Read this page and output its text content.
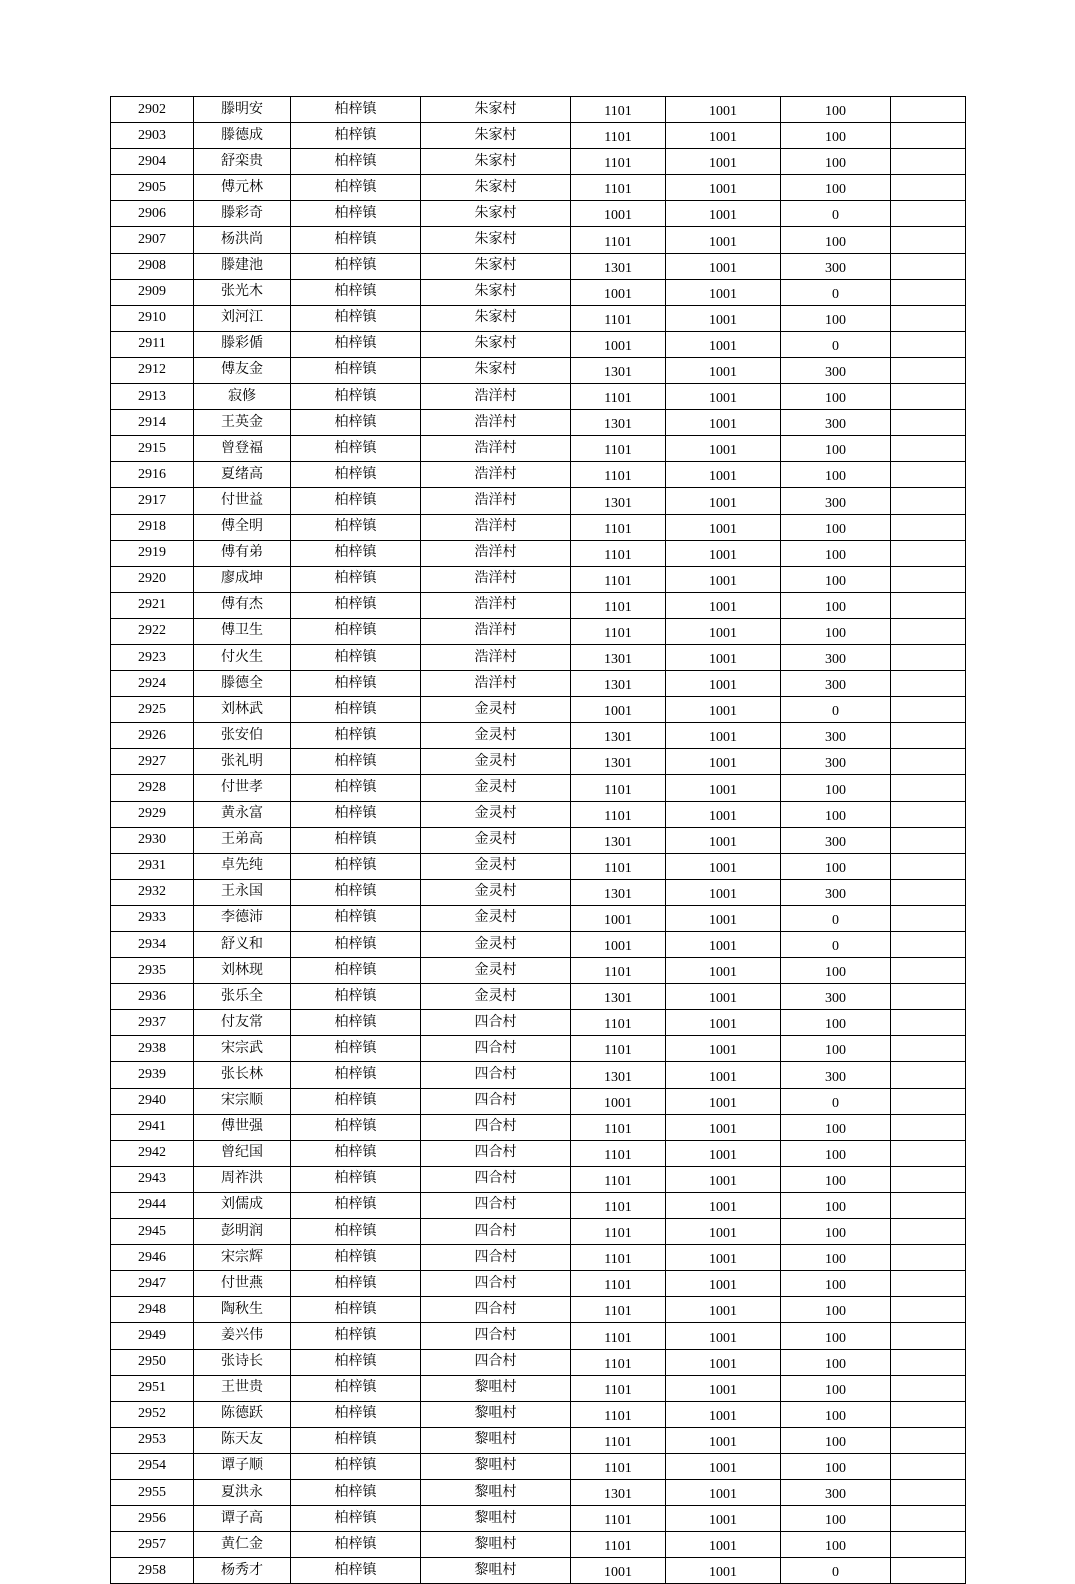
2902	滕明安	柏梓镇	朱家村	1101	1001	100	
2903	滕德成	柏梓镇	朱家村	1101	1001	100	
2904	舒栾贵	柏梓镇	朱家村	1101	1001	100	
2905	傅元林	柏梓镇	朱家村	1101	1001	100	
2906	滕彩奇	柏梓镇	朱家村	1001	1001	0	
2907	杨洪尚	柏梓镇	朱家村	1101	1001	100	
2908	滕建池	柏梓镇	朱家村	1301	1001	300	
2909	张光木	柏梓镇	朱家村	1001	1001	0	
2910	刘河江	柏梓镇	朱家村	1101	1001	100	
2911	滕彩偱	柏梓镇	朱家村	1001	1001	0	
2912	傅友金	柏梓镇	朱家村	1301	1001	300	
2913	寂修	柏梓镇	浩洋村	1101	1001	100	
2914	王英金	柏梓镇	浩洋村	1301	1001	300	
2915	曾登福	柏梓镇	浩洋村	1101	1001	100	
2916	夏绪高	柏梓镇	浩洋村	1101	1001	100	
2917	付世益	柏梓镇	浩洋村	1301	1001	300	
2918	傅全明	柏梓镇	浩洋村	1101	1001	100	
2919	傅有弟	柏梓镇	浩洋村	1101	1001	100	
2920	廖成坤	柏梓镇	浩洋村	1101	1001	100	
2921	傅有杰	柏梓镇	浩洋村	1101	1001	100	
2922	傅卫生	柏梓镇	浩洋村	1101	1001	100	
2923	付火生	柏梓镇	浩洋村	1301	1001	300	
2924	滕德全	柏梓镇	浩洋村	1301	1001	300	
2925	刘林武	柏梓镇	金灵村	1001	1001	0	
2926	张安伯	柏梓镇	金灵村	1301	1001	300	
2927	张礼明	柏梓镇	金灵村	1301	1001	300	
2928	付世孝	柏梓镇	金灵村	1101	1001	100	
2929	黄永富	柏梓镇	金灵村	1101	1001	100	
2930	王弟高	柏梓镇	金灵村	1301	1001	300	
2931	卓先纯	柏梓镇	金灵村	1101	1001	100	
2932	王永国	柏梓镇	金灵村	1301	1001	300	
2933	李德沛	柏梓镇	金灵村	1001	1001	0	
2934	舒义和	柏梓镇	金灵村	1001	1001	0	
2935	刘林现	柏梓镇	金灵村	1101	1001	100	
2936	张乐全	柏梓镇	金灵村	1301	1001	300	
2937	付友常	柏梓镇	四合村	1101	1001	100	
2938	宋宗武	柏梓镇	四合村	1101	1001	100	
2939	张长林	柏梓镇	四合村	1301	1001	300	
2940	宋宗顺	柏梓镇	四合村	1001	1001	0	
2941	傅世强	柏梓镇	四合村	1101	1001	100	
2942	曾纪国	柏梓镇	四合村	1101	1001	100	
2943	周祚洪	柏梓镇	四合村	1101	1001	100	
2944	刘儒成	柏梓镇	四合村	1101	1001	100	
2945	彭明润	柏梓镇	四合村	1101	1001	100	
2946	宋宗辉	柏梓镇	四合村	1101	1001	100	
2947	付世燕	柏梓镇	四合村	1101	1001	100	
2948	陶秋生	柏梓镇	四合村	1101	1001	100	
2949	姜兴伟	柏梓镇	四合村	1101	1001	100	
2950	张诗长	柏梓镇	四合村	1101	1001	100	
2951	王世贵	柏梓镇	黎咀村	1101	1001	100	
2952	陈德跃	柏梓镇	黎咀村	1101	1001	100	
2953	陈天友	柏梓镇	黎咀村	1101	1001	100	
2954	谭子顺	柏梓镇	黎咀村	1101	1001	100	
2955	夏洪永	柏梓镇	黎咀村	1301	1001	300	
2956	谭子高	柏梓镇	黎咀村	1101	1001	100	
2957	黄仁金	柏梓镇	黎咀村	1101	1001	100	
2958	杨秀才	柏梓镇	黎咀村	1001	1001	0	
